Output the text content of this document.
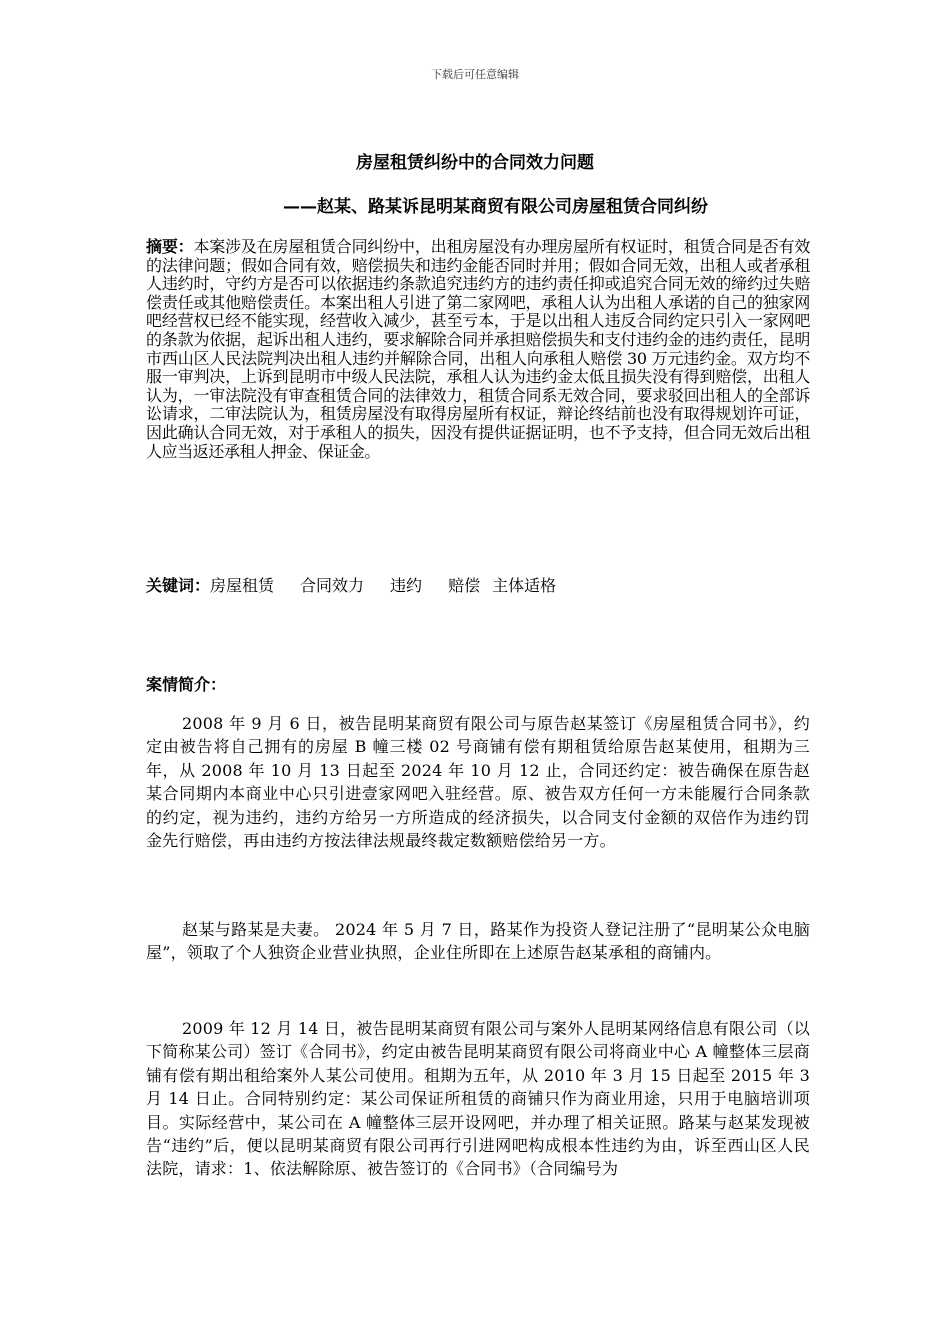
下载后可任意编辑
房屋租赁纠纷中的合同效力问题
——赵某、路某诉昆明某商贸有限公司房屋租赁合同纠纷
摘要：本案涉及在房屋租赁合同纠纷中，出租房屋没有办理房屋所有权证时，租赁合同是否有效的法律问题；假如合同有效，赔偿损失和违约金能否同时并用；假如合同无效，出租人或者承租人违约时，守约方是否可以依据违约条款追究违约方的违约责任抑或追究合同无效的缔约过失赔偿责任或其他赔偿责任。本案出租人引进了第二家网吧，承租人认为出租人承诺的自己的独家网吧经营权已经不能实现，经营收入减少，甚至亏本，于是以出租人违反合同约定只引入一家网吧的条款为依据，起诉出租人违约，要求解除合同并承担赔偿损失和支付违约金的违约责任，昆明市西山区人民法院判决出租人违约并解除合同，出租人向承租人赔偿 30 万元违约金。双方均不服一审判决，上诉到昆明市中级人民法院，承租人认为违约金太低且损失没有得到赔偿，出租人认为，一审法院没有审查租赁合同的法律效力，租赁合同系无效合同，要求驳回出租人的全部诉讼请求，二审法院认为，租赁房屋没有取得房屋所有权证，辩论终结前也没有取得规划许可证，因此确认合同无效，对于承租人的损失，因没有提供证据证明，也不予支持，但合同无效后出租人应当返还承租人押金、保证金。
关键词：房屋租赁 合同效力 违约 赔偿 主体适格
案情简介：
2008 年 9 月 6 日，被告昆明某商贸有限公司与原告赵某签订《房屋租赁合同书》，约定由被告将自己拥有的房屋 B 幢三楼 02 号商铺有偿有期租赁给原告赵某使用，租期为三年，从 2008 年 10 月 13 日起至 2024 年 10 月 12 止，合同还约定：被告确保在原告赵某合同期内本商业中心只引进壹家网吧入驻经营。原、被告双方任何一方未能履行合同条款的约定，视为违约，违约方给另一方所造成的经济损失，以合同支付金额的双倍作为违约罚金先行赔偿，再由违约方按法律法规最终裁定数额赔偿给另一方。
赵某与路某是夫妻。 2024 年 5 月 7 日，路某作为投资人登记注册了“昆明某公众电脑屋”，领取了个人独资企业营业执照，企业住所即在上述原告赵某承租的商铺内。
2009 年 12 月 14 日，被告昆明某商贸有限公司与案外人昆明某网络信息有限公司（以下简称某公司）签订《合同书》，约定由被告昆明某商贸有限公司将商业中心 A 幢整体三层商铺有偿有期出租给案外人某公司使用。租期为五年，从 2010 年 3 月 15 日起至 2015 年 3 月 14 日止。合同特别约定：某公司保证所租赁的商铺只作为商业用途，只用于电脑培训项目。实际经营中，某公司在 A 幢整体三层开设网吧，并办理了相关证照。路某与赵某发现被告“违约”后，便以昆明某商贸有限公司再行引进网吧构成根本性违约为由，诉至西山区人民法院，请求：1、依法解除原、被告签订的《合同书》（合同编号为
